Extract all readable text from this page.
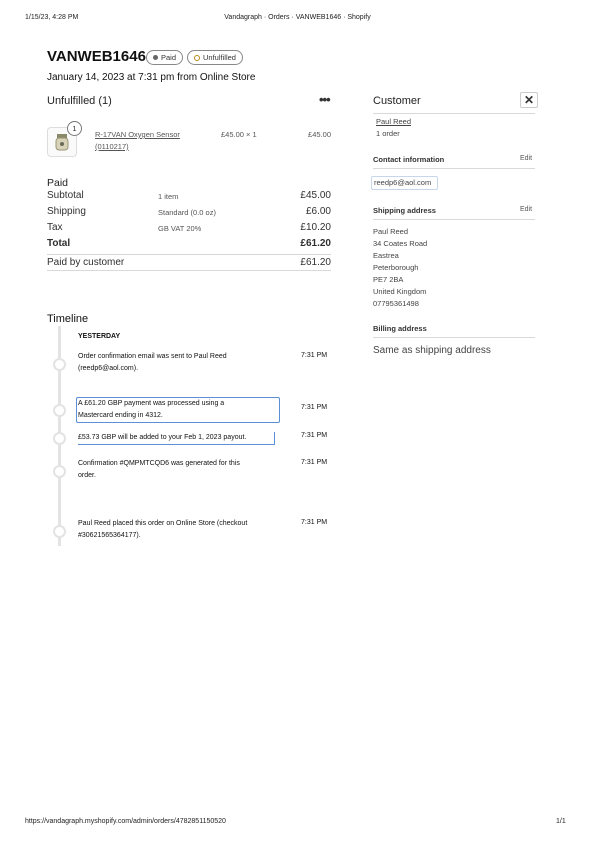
1/15/23, 4:28 PM	Vandagraph · Orders · VANWEB1646 · Shopify
VANWEB1646 Paid	Unfulfilled
January 14, 2023 at 7:31 pm from Online Store
Unfulfilled (1)	•••
1
R-17VAN Oxygen Sensor
(0110217)
£45.00 × 1	£45.00
Paid
Subtotal	1 item	£45.00
Shipping	Standard (0.0 oz)	£6.00
Tax	GB VAT 20%	£10.20
Total	£61.20
Paid by customer	£61.20
Timeline
YESTERDAY
Order confirmation email was sent to Paul Reed
(reedp6@aol.com).
7:31 PM
A £61.20 GBP payment was processed using a
Mastercard ending in 4312.
7:31 PM
£53.73 GBP will be added to your Feb 1, 2023 payout.	7:31 PM
Confirmation #QMPMTCQD6 was generated for this
order.
7:31 PM
Paul Reed placed this order on Online Store (checkout
#30621565364177).
7:31 PM
Customer	✕
Paul Reed
1 order
Contact information	Edit
reedp6@aol.com
Shipping address	Edit
Paul Reed
34 Coates Road
Eastrea
Peterborough
PE7 2BA
United Kingdom
07795361498
Billing address
Same as shipping address
https://vandagraph.myshopify.com/admin/orders/4782851150520	1/1
